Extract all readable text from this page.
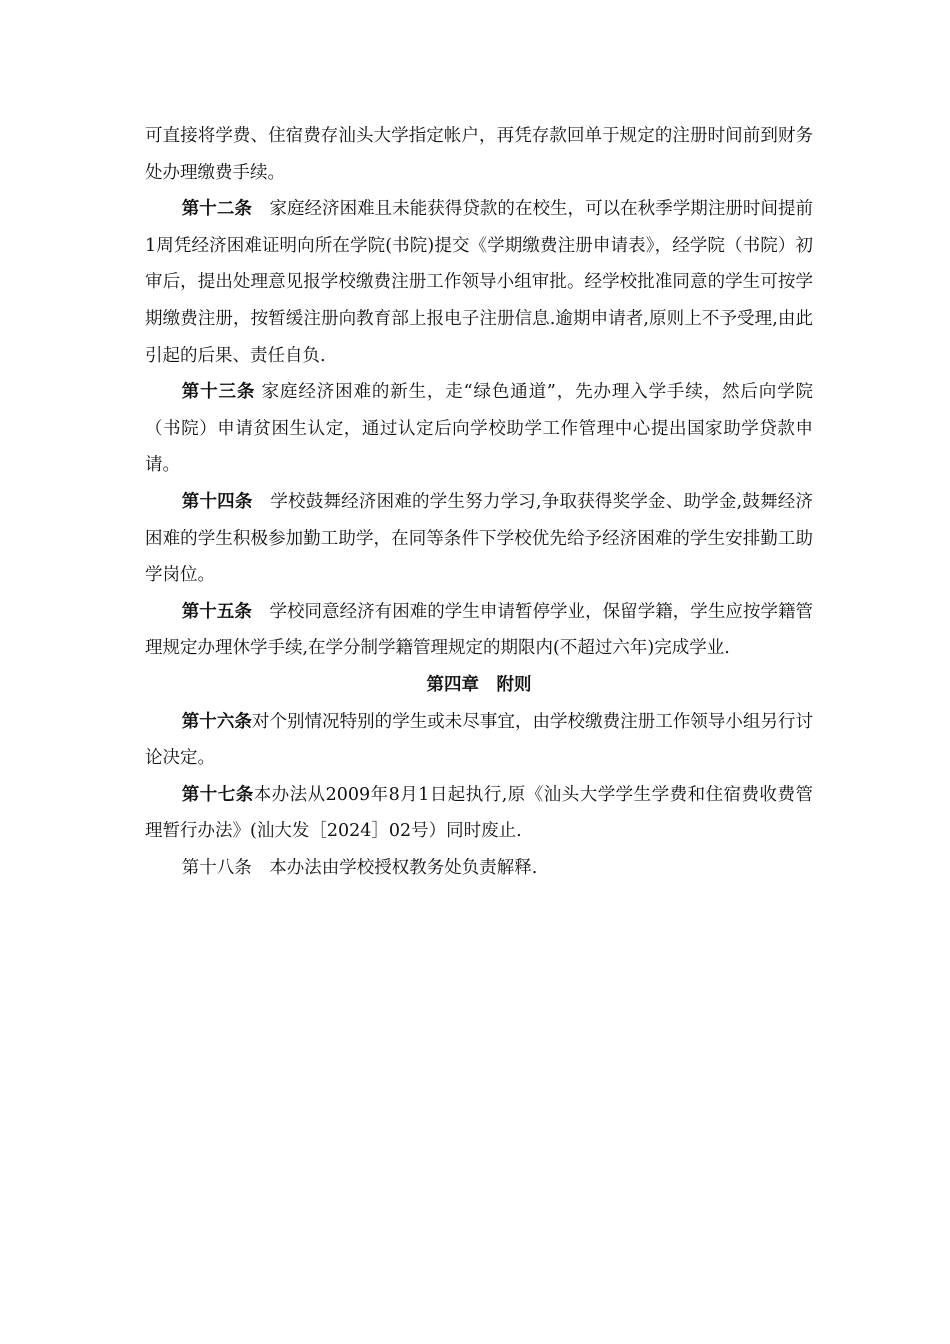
可直接将学费、住宿费存汕头大学指定帐户，再凭存款回单于规定的注册时间前到财务处办理缴费手续。

第十二条　家庭经济困难且未能获得贷款的在校生，可以在秋季学期注册时间提前1周凭经济困难证明向所在学院(书院)提交《学期缴费注册申请表》，经学院（书院）初审后，提出处理意见报学校缴费注册工作领导小组审批。经学校批准同意的学生可按学期缴费注册，按暂缓注册向教育部上报电子注册信息.逾期申请者,原则上不予受理,由此引起的后果、责任自负.

第十三条 家庭经济困难的新生，走“绿色通道”，先办理入学手续，然后向学院（书院）申请贫困生认定，通过认定后向学校助学工作管理中心提出国家助学贷款申请。

第十四条　学校鼓舞经济困难的学生努力学习,争取获得奖学金、助学金,鼓舞经济困难的学生积极参加勤工助学，在同等条件下学校优先给予经济困难的学生安排勤工助学岗位。

第十五条　学校同意经济有困难的学生申请暂停学业，保留学籍，学生应按学籍管理规定办理休学手续,在学分制学籍管理规定的期限内(不超过六年)完成学业.

第四章　附则

第十六条对个别情况特别的学生或未尽事宜，由学校缴费注册工作领导小组另行讨论决定。

第十七条本办法从2009年8月1日起执行,原《汕头大学学生学费和住宿费收费管理暂行办法》(汕大发［2024］02号）同时废止.

第十八条　本办法由学校授权教务处负责解释.
